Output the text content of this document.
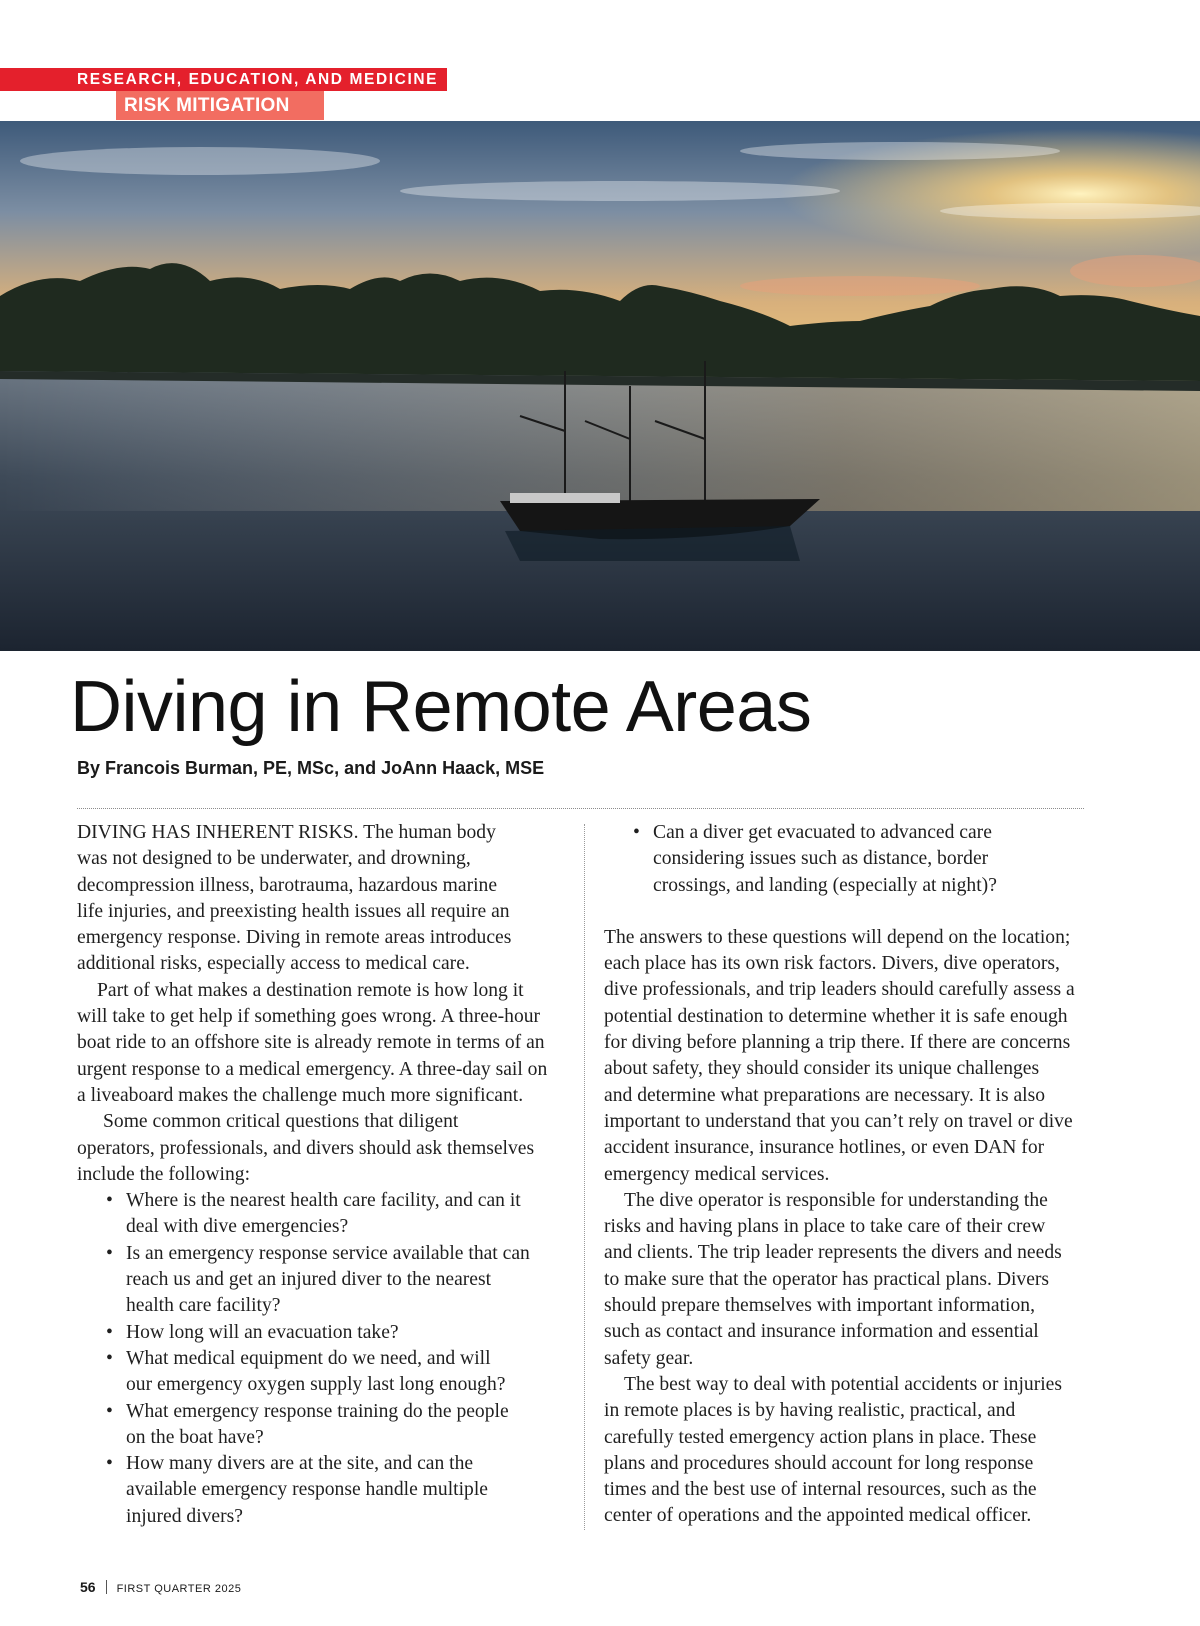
RESEARCH, EDUCATION, AND MEDICINE
RISK MITIGATION
Diving in Remote Areas

By Francois Burman, PE, MSc, and JoAnn Haack, MSE

DIVING HAS INHERENT RISKS. The human body
was not designed to be underwater, and drowning,
decompression illness, barotrauma, hazardous marine
life injuries, and preexisting health issues all require an
emergency response. Diving in remote areas introduces
additional risks, especially access to medical care.

Part of what makes a destination remote is how long it
will take to get help if something goes wrong. A three-hour
boat ride to an offshore site is already remote in terms of an
urgent response to a medical emergency. A three-day sail on
a liveaboard makes the challenge much more significant.

Some common critical questions that diligent
operators, professionals, and divers should ask themselves
include the following:

• Where is the nearest health care facility, and can it
deal with dive emergencies?
• Is an emergency response service available that can
reach us and get an injured diver to the nearest
health care facility?
• How long will an evacuation take?
• What medical equipment do we need, and will
our emergency oxygen supply last long enough?
• What emergency response training do the people
on the boat have?
• How many divers are at the site, and can the
available emergency response handle multiple
injured divers?
• Can a diver get evacuated to advanced care
considering issues such as distance, border
crossings, and landing (especially at night)?

The answers to these questions will depend on the location;
each place has its own risk factors. Divers, dive operators,
dive professionals, and trip leaders should carefully assess a
potential destination to determine whether it is safe enough
for diving before planning a trip there. If there are concerns
about safety, they should consider its unique challenges
and determine what preparations are necessary. It is also
important to understand that you can’t rely on travel or dive
accident insurance, insurance hotlines, or even DAN for
emergency medical services.

The dive operator is responsible for understanding the
risks and having plans in place to take care of their crew
and clients. The trip leader represents the divers and needs
to make sure that the operator has practical plans. Divers
should prepare themselves with important information,
such as contact and insurance information and essential
safety gear.

The best way to deal with potential accidents or injuries
in remote places is by having realistic, practical, and
carefully tested emergency action plans in place. These
plans and procedures should account for long response
times and the best use of internal resources, such as the
center of operations and the appointed medical officer.

56 FIRST QUARTER 2025
